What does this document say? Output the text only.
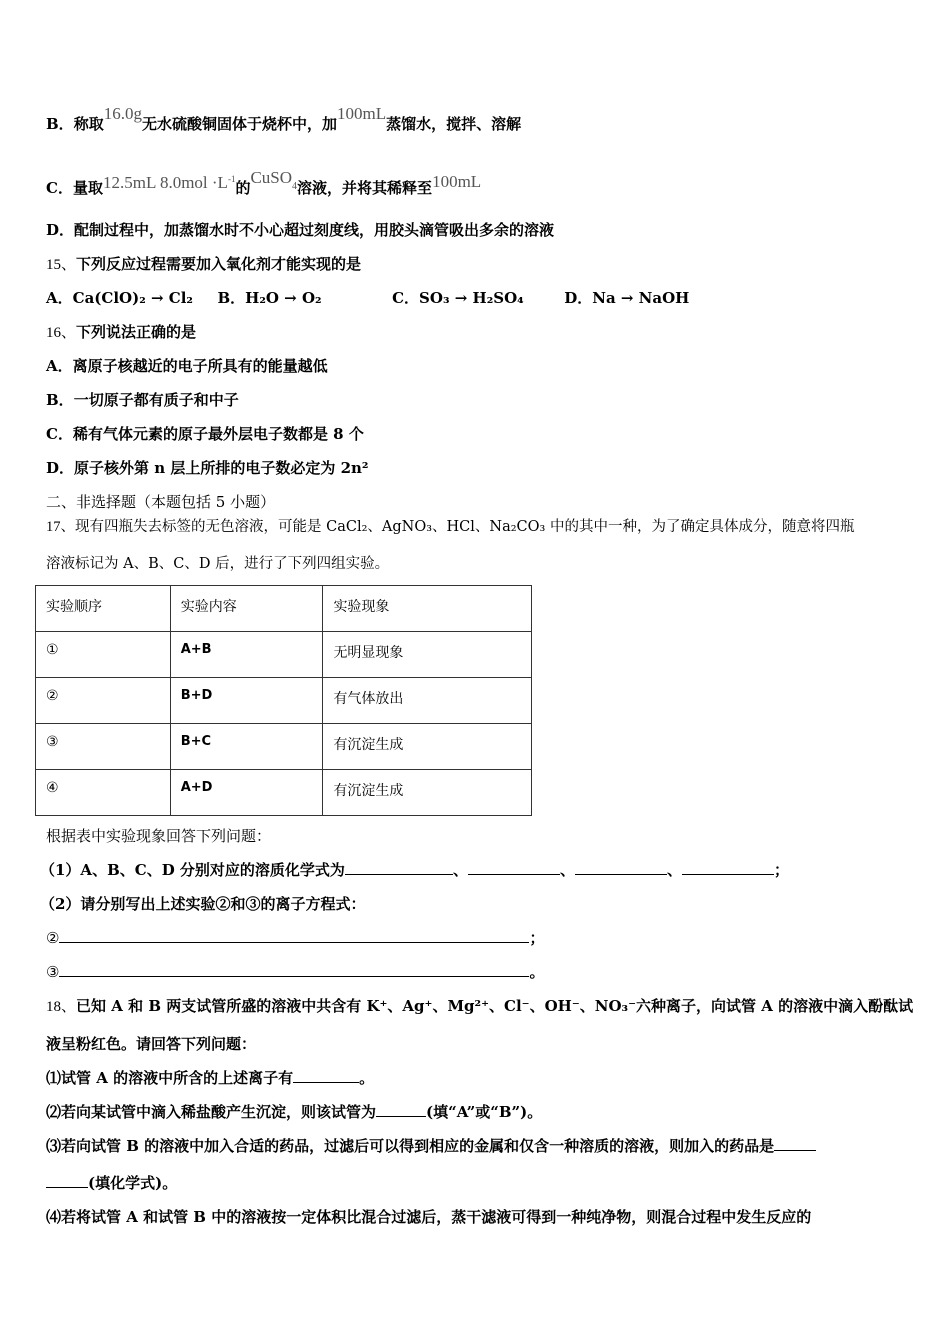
B．称取16.0g无水硫酸铜固体于烧杯中，加100mL蒸馏水，搅拌、溶解
C．量取12.5mL $8.0mol \cdot L^{-1}$的CuSO$^4$溶液，并将其稀释至100mL
D．配制过程中，加蒸馏水时不小心超过刻度线，用胶头滴管吸出多余的溶液
15、下列反应过程需要加入氧化剂才能实现的是
A．Ca(ClO)₂ → Cl₂ B．H₂O → O₂	C．SO₃ → H₂SO₄	D．Na → NaOH
16、下列说法正确的是
A．离原子核越近的电子所具有的能量越低
B．一切原子都有质子和中子
C．稀有气体元素的原子最外层电子数都是 8 个
D．原子核外第 n 层上所排的电子数必定为 2n²
二、非选择题（本题包括 5 小题）
17、现有四瓶失去标签的无色溶液，可能是 CaCl₂、AgNO₃、HCl、Na₂CO₃ 中的其中一种，为了确定具体成分，随意将四瓶
溶液标记为 A、B、C、D 后，进行了下列四组实验。
实验顺序	实验内容	实验现象
①	A+B	无明显现象
②	B+D	有气体放出
③	B+C	有沉淀生成
④	A+D	有沉淀生成
根据表中实验现象回答下列问题：
（1）A、B、C、D 分别对应的溶质化学式为	、	、	、	；
（2）请分别写出上述实验②和③的离子方程式：
②	；
③	。
18、已知 A 和 B 两支试管所盛的溶液中共含有 K⁺、Ag⁺、Mg²⁺、Cl⁻、OH⁻、NO₃⁻六种离子，向试管 A 的溶液中滴入酚酞试
液呈粉红色。请回答下列问题：
⑴试管 A 的溶液中所含的上述离子有	。
⑵若向某试管中滴入稀盐酸产生沉淀，则该试管为	(填“A”或“B”)。
⑶若向试管 B 的溶液中加入合适的药品，过滤后可以得到相应的金属和仅含一种溶质的溶液，则加入的药品是
(填化学式)。
⑷若将试管 A 和试管 B 中的溶液按一定体积比混合过滤后，蒸干滤液可得到一种纯净物，则混合过程中发生反应的
